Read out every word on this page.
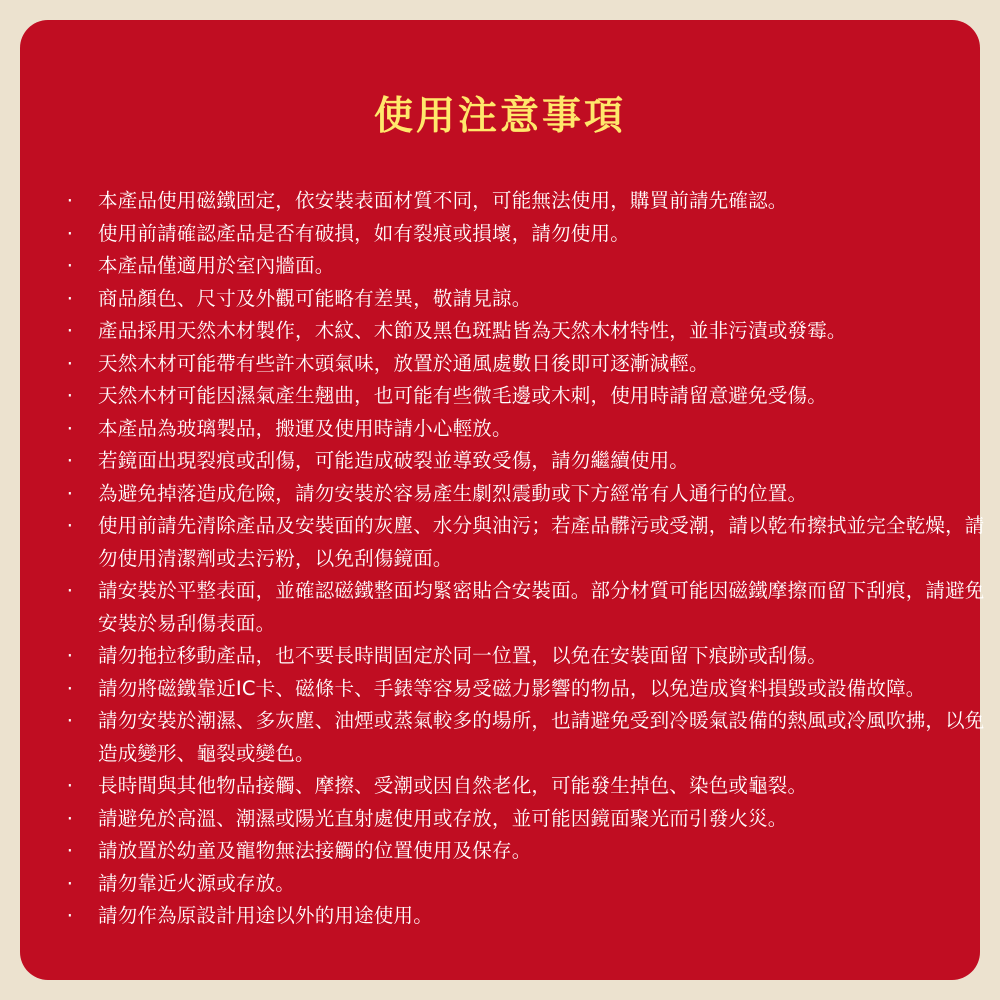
使用注意事項
· 本產品使用磁鐵固定，依安裝表面材質不同，可能無法使用，購買前請先確認。
· 使用前請確認產品是否有破損，如有裂痕或損壞，請勿使用。
· 本產品僅適用於室內牆面。
· 商品顏色、尺寸及外觀可能略有差異，敬請見諒。
· 產品採用天然木材製作，木紋、木節及黑色斑點皆為天然木材特性，並非污漬或發霉。
· 天然木材可能帶有些許木頭氣味，放置於通風處數日後即可逐漸減輕。
· 天然木材可能因濕氣產生翹曲，也可能有些微毛邊或木刺，使用時請留意避免受傷。
· 本產品為玻璃製品，搬運及使用時請小心輕放。
· 若鏡面出現裂痕或刮傷，可能造成破裂並導致受傷，請勿繼續使用。
· 為避免掉落造成危險，請勿安裝於容易產生劇烈震動或下方經常有人通行的位置。
· 使用前請先清除產品及安裝面的灰塵、水分與油污；若產品髒污或受潮，請以乾布擦拭並完全乾燥，請勿使用清潔劑或去污粉，以免刮傷鏡面。
· 請安裝於平整表面，並確認磁鐵整面均緊密貼合安裝面。部分材質可能因磁鐵摩擦而留下刮痕，請避免安裝於易刮傷表面。
· 請勿拖拉移動產品，也不要長時間固定於同一位置，以免在安裝面留下痕跡或刮傷。
· 請勿將磁鐵靠近IC卡、磁條卡、手錶等容易受磁力影響的物品，以免造成資料損毀或設備故障。
· 請勿安裝於潮濕、多灰塵、油煙或蒸氣較多的場所，也請避免受到冷暖氣設備的熱風或冷風吹拂，以免造成變形、龜裂或變色。
· 長時間與其他物品接觸、摩擦、受潮或因自然老化，可能發生掉色、染色或龜裂。
· 請避免於高溫、潮濕或陽光直射處使用或存放，並可能因鏡面聚光而引發火災。
· 請放置於幼童及寵物無法接觸的位置使用及保存。
· 請勿靠近火源或存放。
· 請勿作為原設計用途以外的用途使用。
